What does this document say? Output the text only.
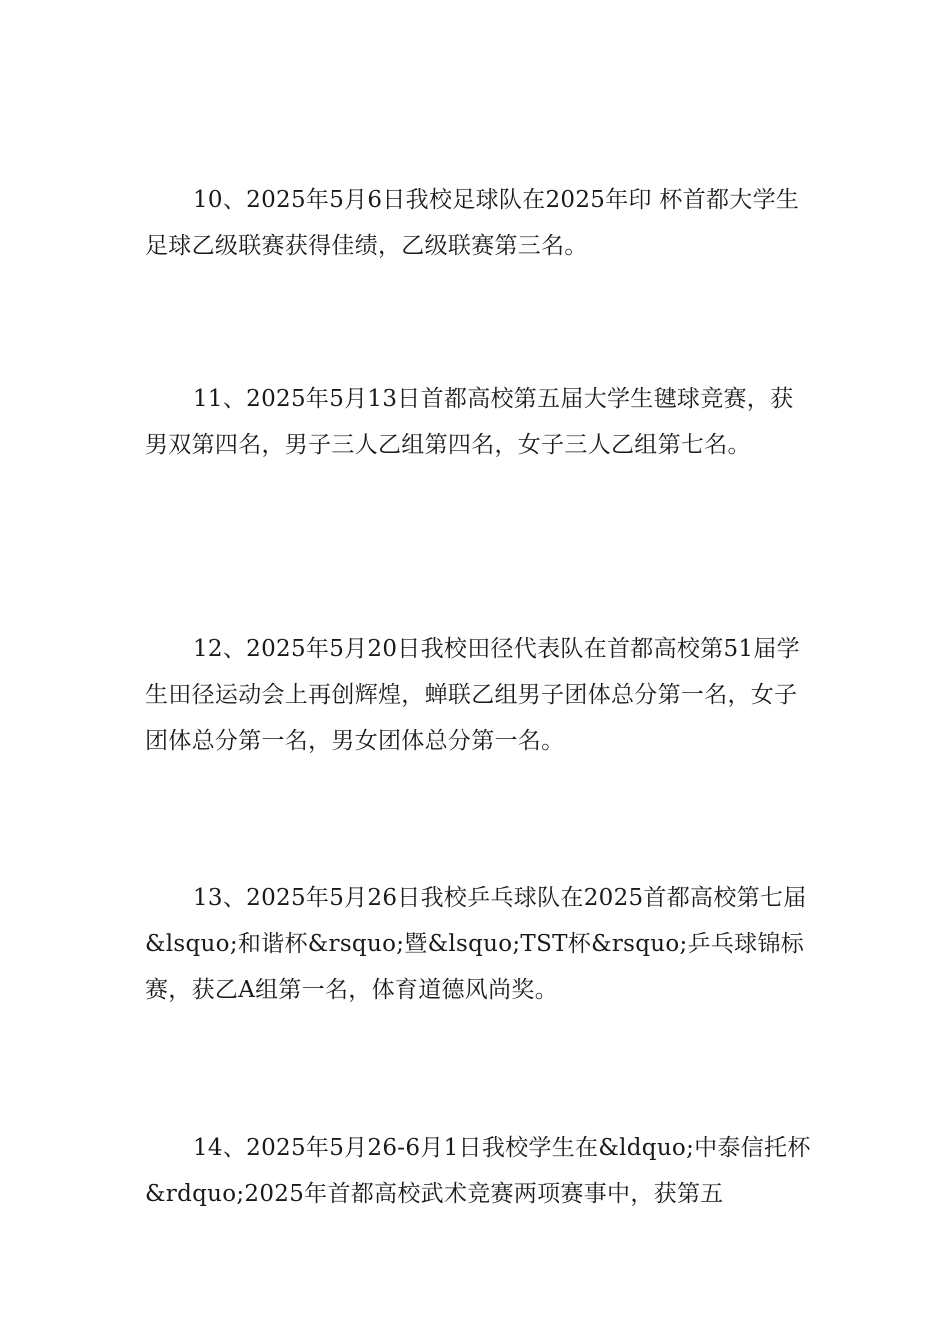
10、2025年5月6日我校足球队在2025年印 杯首都大学生足球乙级联赛获得佳绩，乙级联赛第三名。

11、2025年5月13日首都高校第五届大学生毽球竞赛，获男双第四名，男子三人乙组第四名，女子三人乙组第七名。

12、2025年5月20日我校田径代表队在首都高校第51届学生田径运动会上再创辉煌，蝉联乙组男子团体总分第一名，女子团体总分第一名，男女团体总分第一名。

13、2025年5月26日我校乒乓球队在2025首都高校第七届&lsquo;和谐杯&rsquo;暨&lsquo;TST杯&rsquo;乒乓球锦标赛，获乙A组第一名，体育道德风尚奖。

14、2025年5月26-6月1日我校学生在&ldquo;中泰信托杯&rdquo;2025年首都高校武术竞赛两项赛事中，获第五
